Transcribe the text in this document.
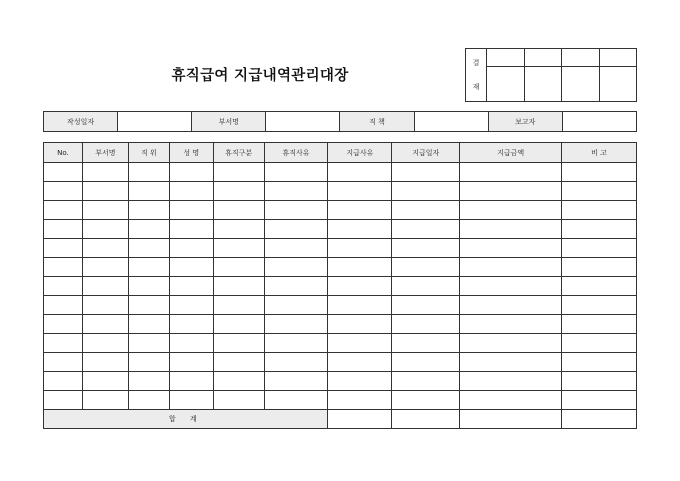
휴직급여 지급내역관리대장
결
재				

작성일자		부서명		직 책		보고자	
No.	부서명	직 위	성 명	휴직구분	휴직사유	지급사유	지급일자	지급금액	비 고

합 계									
